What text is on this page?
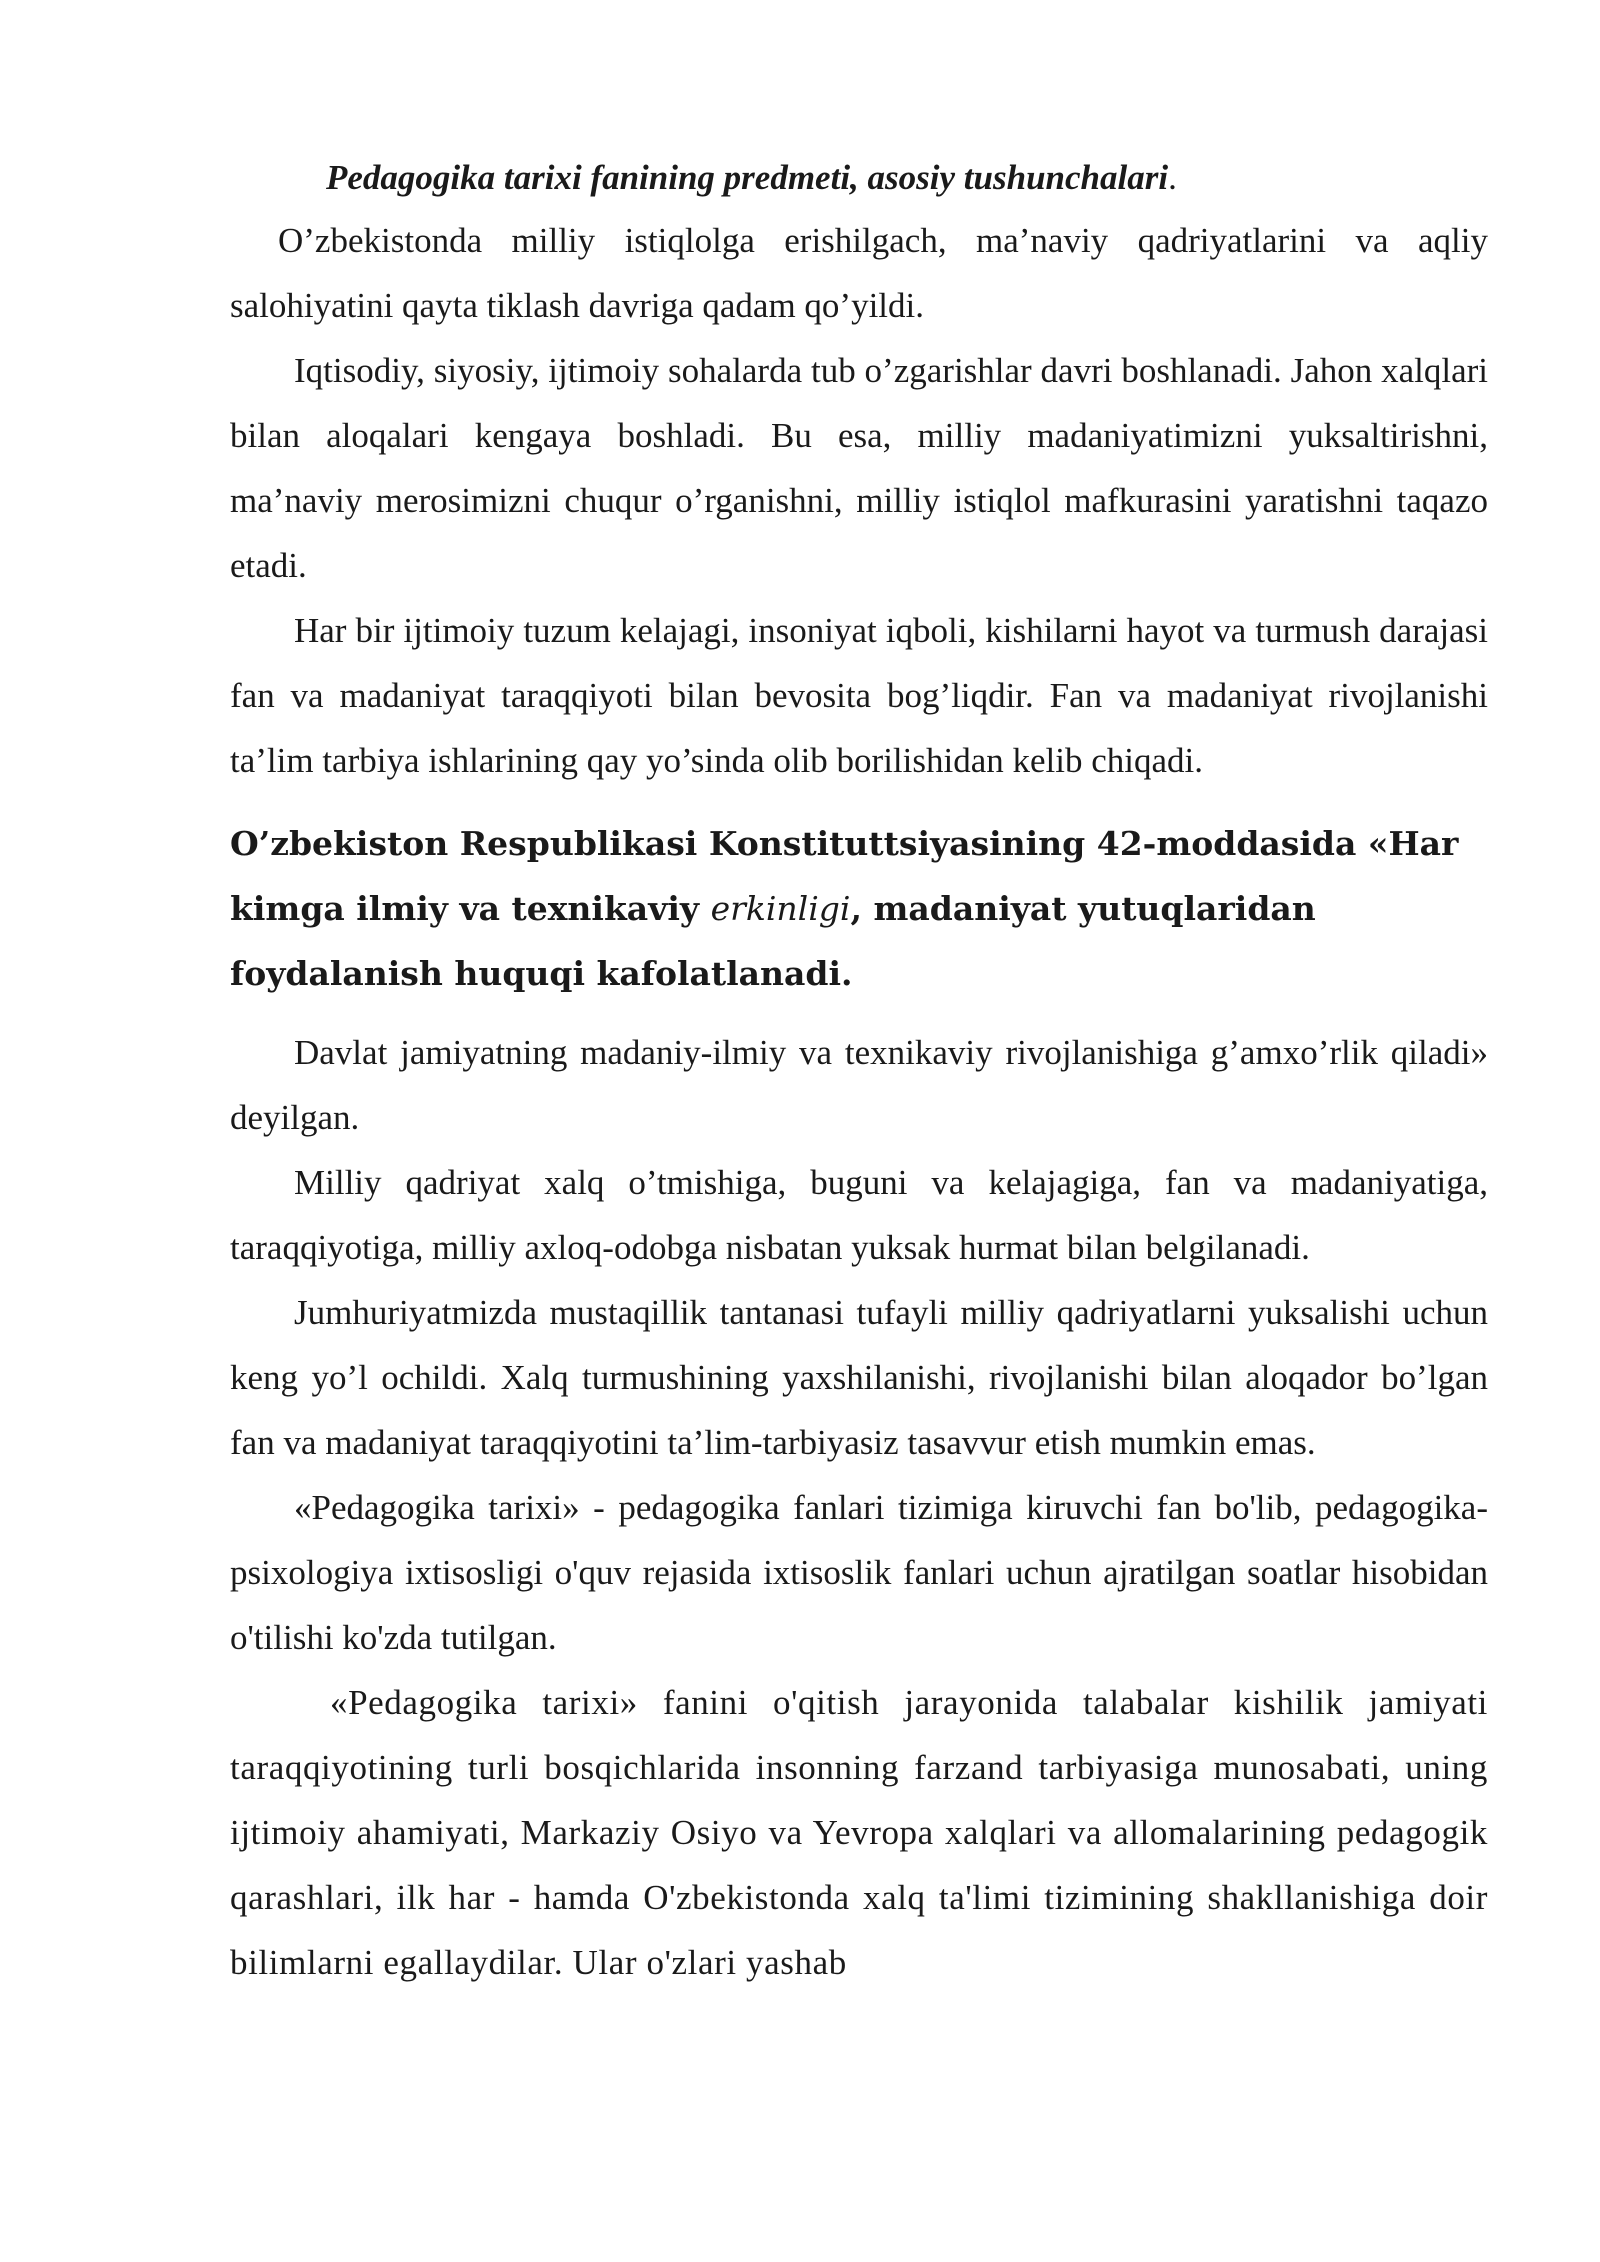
Pedagogika tarixi fanining predmeti, asosiy tushunchalari.

O’zbekistonda milliy istiqlolga erishilgach, ma’naviy qadriyatlarini va aqliy salohiyatini qayta tiklash davriga qadam qo’yildi.

Iqtisodiy, siyosiy, ijtimoiy sohalarda tub o’zgarishlar davri boshlanadi. Jahon xalqlari bilan aloqalari kengaya boshladi. Bu esa, milliy madaniyatimizni yuksaltirishni, ma’naviy merosimizni chuqur o’rganishni, milliy istiqlol mafkurasini yaratishni taqazo etadi.

Har bir ijtimoiy tuzum kelajagi, insoniyat iqboli, kishilarni hayot va turmush darajasi fan va madaniyat taraqqiyoti bilan bevosita bog’liqdir. Fan va madaniyat rivojlanishi ta’lim tarbiya ishlarining qay yo’sinda olib borilishidan kelib chiqadi.

O’zbekiston Respublikasi Konstituttsiyasining 42-moddasida «Har kimga ilmiy va texnikaviy erkinligi, madaniyat yutuqlaridan foydalanish huquqi kafolatlanadi.

Davlat jamiyatning madaniy-ilmiy va texnikaviy rivojlanishiga g’amxo’rlik qiladi» deyilgan.

Milliy qadriyat xalq o’tmishiga, buguni va kelajagiga, fan va madaniyatiga, taraqqiyotiga, milliy axloq-odobga nisbatan yuksak hurmat bilan belgilanadi.

Jumhuriyatmizda mustaqillik tantanasi tufayli milliy qadriyatlarni yuksalishi uchun keng yo’l ochildi. Xalq turmushining yaxshilanishi, rivojlanishi bilan aloqador bo’lgan fan va madaniyat taraqqiyotini ta’lim-tarbiyasiz tasavvur etish mumkin emas.

«Pedagogika tarixi» - pedagogika fanlari tizimiga kiruvchi fan bo'lib, pedagogika-psixologiya ixtisosligi o'quv rejasida ixtisoslik fanlari uchun ajratilgan soatlar hisobidan o'tilishi ko'zda tutilgan.

«Pedagogika tarixi» fanini o'qitish jarayonida talabalar kishilik jamiyati taraqqiyotining turli bosqichlarida insonning farzand tarbiyasiga munosabati, uning ijtimoiy ahamiyati, Markaziy Osiyo va Yevropa xalqlari va allomalarining pedagogik qarashlari, ilk har - hamda O'zbekistonda xalq ta'limi tizimining shakllanishiga doir bilimlarni egallaydilar. Ular o'zlari yashab
